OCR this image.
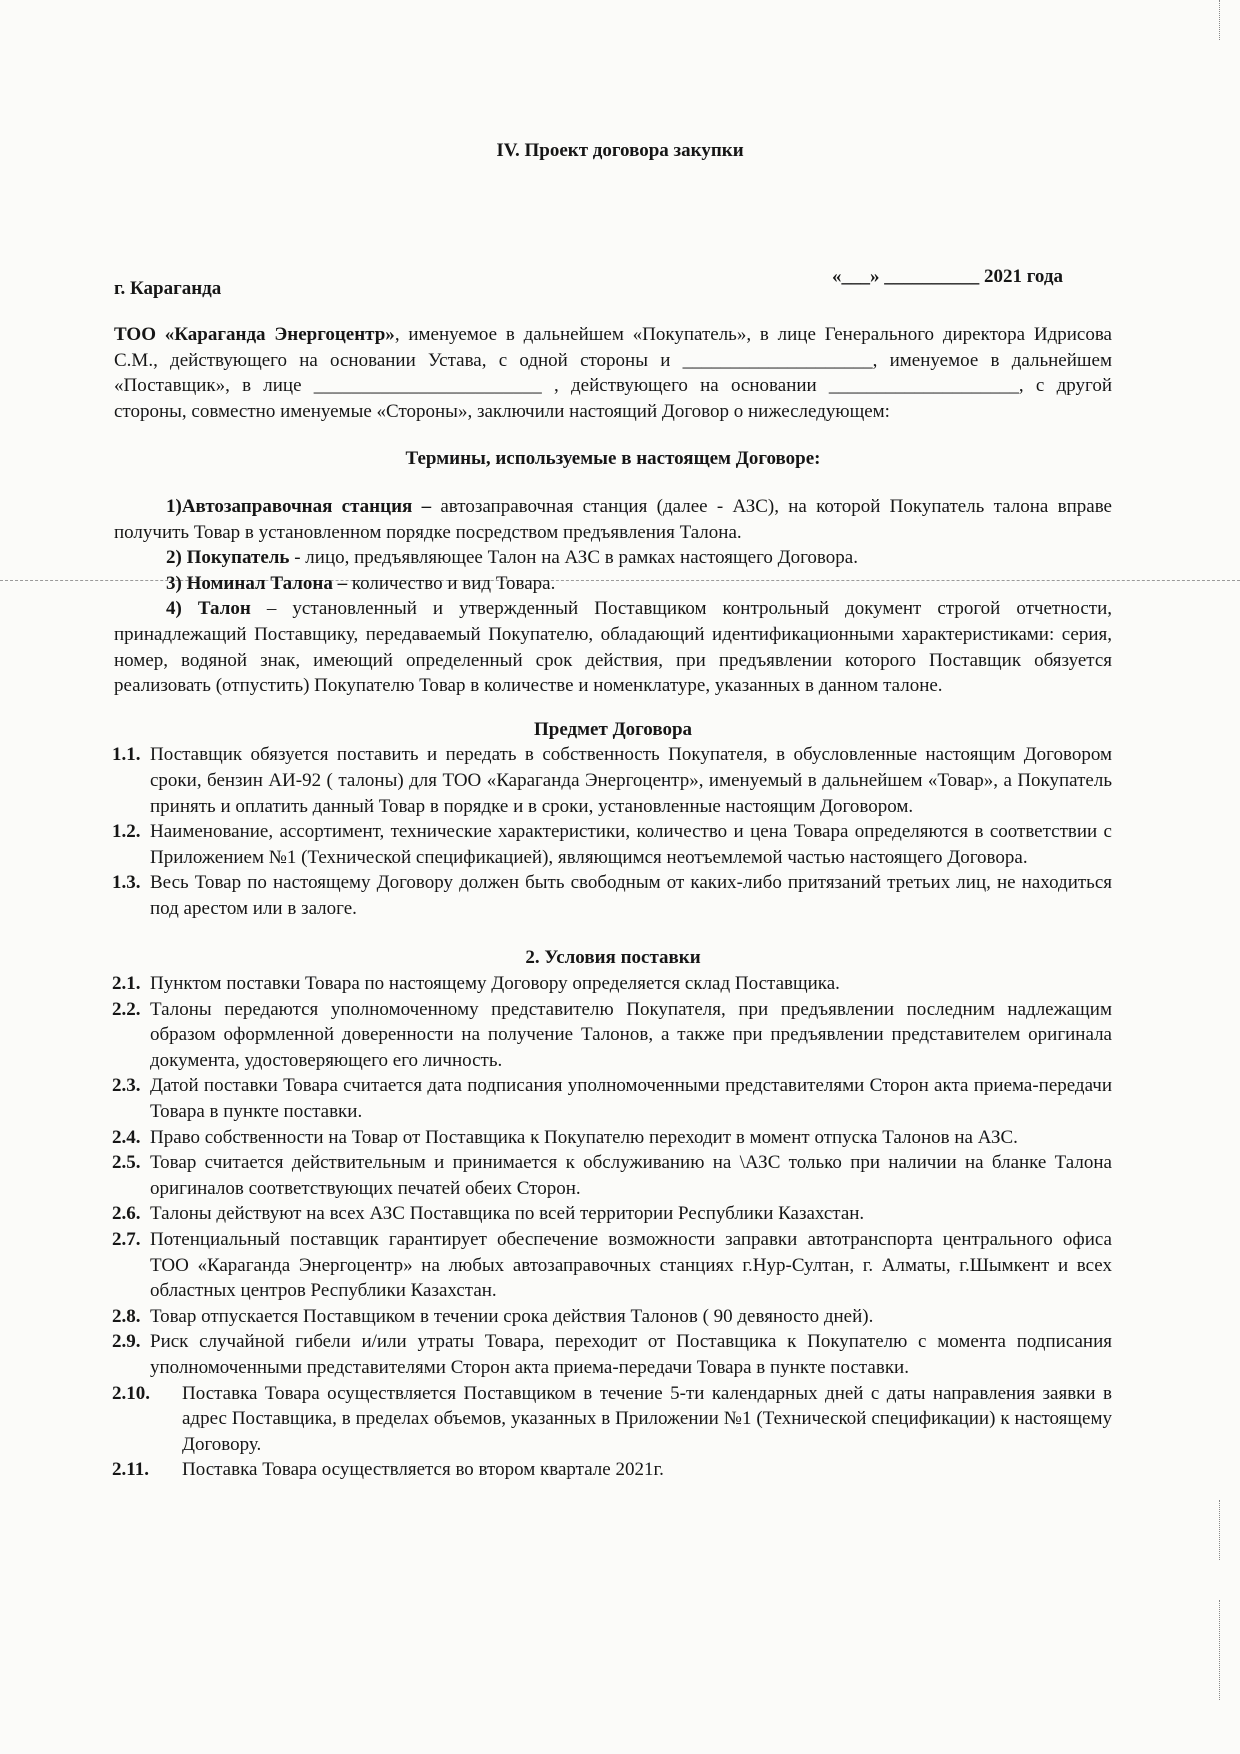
IV. Проект договора закупки
г. Караганда
«___» __________ 2021 года

ТОО «Караганда Энергоцентр», именуемое в дальнейшем «Покупатель», в лице Генерального директора Идрисова С.М., действующего на основании Устава, с одной стороны и ____________________, именуемое в дальнейшем «Поставщик», в лице ________________________ , действующего на основании ____________________, с другой стороны, совместно именуемые «Стороны», заключили настоящий Договор о нижеследующем:

Термины, используемые в настоящем Договоре:

1)Автозаправочная станция – автозаправочная станция (далее - АЗС), на которой Покупатель талона вправе получить Товар в установленном порядке посредством предъявления Талона.

2) Покупатель - лицо, предъявляющее Талон на АЗС в рамках настоящего Договора.

3) Номинал Талона – количество и вид Товара.

4) Талон – установленный и утвержденный Поставщиком контрольный документ строгой отчетности, принадлежащий Поставщику, передаваемый Покупателю, обладающий идентификационными характеристиками: серия, номер, водяной знак, имеющий определенный срок действия, при предъявлении которого Поставщик обязуется реализовать (отпустить) Покупателю Товар в количестве и номенклатуре, указанных в данном талоне.

Предмет Договора

1.1. Поставщик обязуется поставить и передать в собственность Покупателя, в обусловленные настоящим Договором сроки, бензин АИ-92 ( талоны) для ТОО «Караганда Энергоцентр», именуемый в дальнейшем «Товар», а Покупатель принять и оплатить данный Товар в порядке и в сроки, установленные настоящим Договором.
1.2. Наименование, ассортимент, технические характеристики, количество и цена Товара определяются в соответствии с Приложением №1 (Технической спецификацией), являющимся неотъемлемой частью настоящего Договора.
1.3. Весь Товар по настоящему Договору должен быть свободным от каких-либо притязаний третьих лиц, не находиться под арестом или в залоге.

2. Условия поставки

2.1. Пунктом поставки Товара по настоящему Договору определяется склад Поставщика.
2.2. Талоны передаются уполномоченному представителю Покупателя, при предъявлении последним надлежащим образом оформленной доверенности на получение Талонов, а также при предъявлении представителем оригинала документа, удостоверяющего его личность.
2.3. Датой поставки Товара считается дата подписания уполномоченными представителями Сторон акта приема-передачи Товара в пункте поставки.
2.4. Право собственности на Товар от Поставщика к Покупателю переходит в момент отпуска Талонов на АЗС.
2.5. Товар считается действительным и принимается к обслуживанию на \АЗС только при наличии на бланке Талона оригиналов соответствующих печатей обеих Сторон.
2.6. Талоны действуют на всех АЗС Поставщика по всей территории Республики Казахстан.
2.7. Потенциальный поставщик гарантирует обеспечение возможности заправки автотранспорта центрального офиса ТОО «Караганда Энергоцентр» на любых автозаправочных станциях г.Нур-Султан, г. Алматы, г.Шымкент и всех областных центров Республики Казахстан.
2.8. Товар отпускается Поставщиком в течении срока действия Талонов ( 90 девяносто дней).
2.9. Риск случайной гибели и/или утраты Товара, переходит от Поставщика к Покупателю с момента подписания уполномоченными представителями Сторон акта приема-передачи Товара в пункте поставки.
2.10.	Поставка Товара осуществляется Поставщиком в течение 5-ти календарных дней с даты направления заявки в адрес Поставщика, в пределах объемов, указанных в Приложении №1 (Технической спецификации) к настоящему Договору.
2.11.	Поставка Товара осуществляется во втором квартале 2021г.
